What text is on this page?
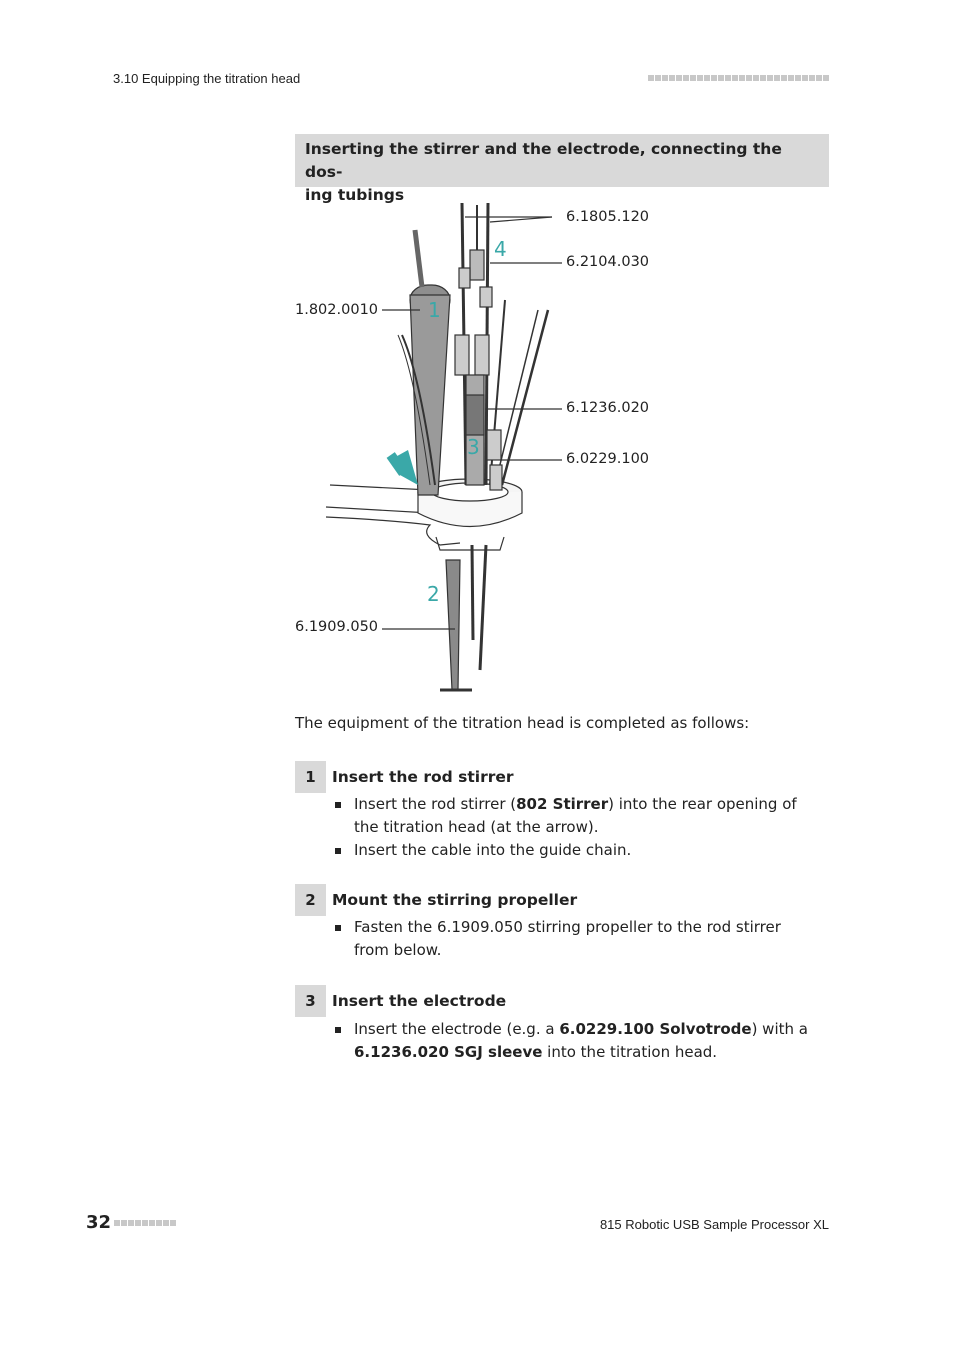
3.10 Equipping the titration head
Inserting the stirrer and the electrode, connecting the dos-
ing tubings
6.1805.120
6.2104.030
1.802.0010
6.1236.020
6.0229.100
6.1909.050
1
2
3
4
The equipment of the titration head is completed as follows:
1	Insert the rod stirrer
Insert the rod stirrer (802 Stirrer) into the rear opening of the titration head (at the arrow).
Insert the cable into the guide chain.
2	Mount the stirring propeller
Fasten the 6.1909.050 stirring propeller to the rod stirrer from below.
3	Insert the electrode
Insert the electrode (e.g. a 6.0229.100 Solvotrode) with a 6.1236.020 SGJ sleeve into the titration head.
32	815 Robotic USB Sample Processor XL
